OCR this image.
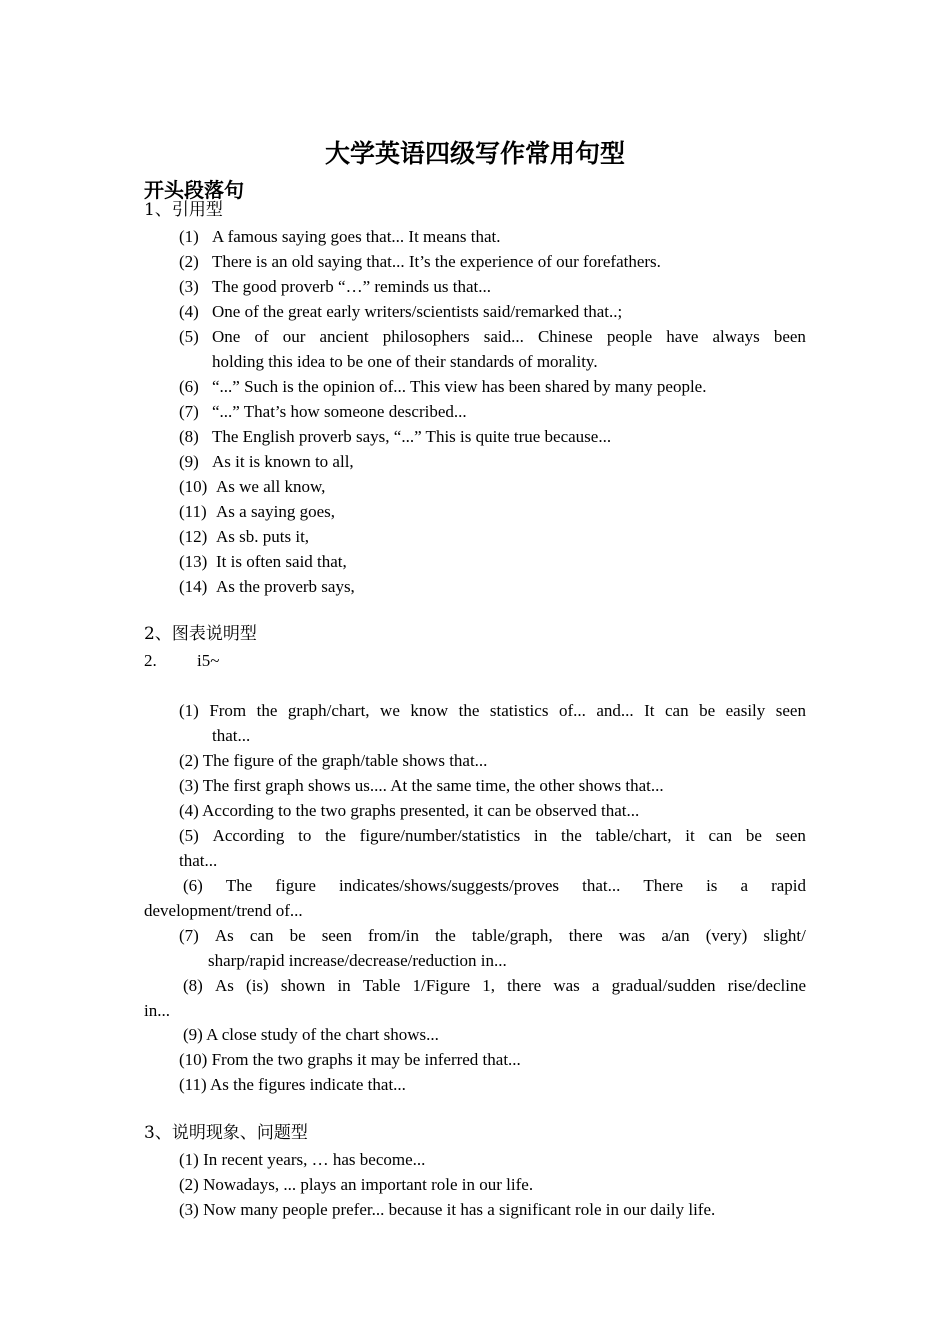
大学英语四级写作常用句型
开头段落句
1、引用型
(1) A famous saying goes that... It means that.
(2) There is an old saying that... It’s the experience of our forefathers.
(3) The good proverb “…” reminds us that...
(4) One of the great early writers/scientists said/remarked that..;
(5) One of our ancient philosophers said... Chinese people have always been
holding this idea to be one of their standards of morality.
(6) “...” Such is the opinion of... This view has been shared by many people.
(7) “...” That’s how someone described...
(8) The English proverb says, “...” This is quite true because...
(9) As it is known to all,
(10) As we all know,
(11) As a saying goes,
(12) As sb. puts it,
(13) It is often said that,
(14) As the proverb says,
2、图表说明型
2. i5~
(1) From the graph/chart, we know the statistics of... and... It can be easily seen
that...
(2) The figure of the graph/table shows that...
(3) The first graph shows us.... At the same time, the other shows that...
(4) According to the two graphs presented, it can be observed that...
(5) According to the figure/number/statistics in the table/chart, it can be seen
that...
(6) The figure indicates/shows/suggests/proves that... There is a rapid
development/trend of...
(7) As can be seen from/in the table/graph, there was a/an (very) slight/
sharp/rapid increase/decrease/reduction in...
(8) As (is) shown in Table 1/Figure 1, there was a gradual/sudden rise/decline
in...
(9) A close study of the chart shows...
(10) From the two graphs it may be inferred that...
(11) As the figures indicate that...
3、说明现象、问题型
(1) In recent years, … has become...
(2) Nowadays, ... plays an important role in our life.
(3) Now many people prefer... because it has a significant role in our daily life.
